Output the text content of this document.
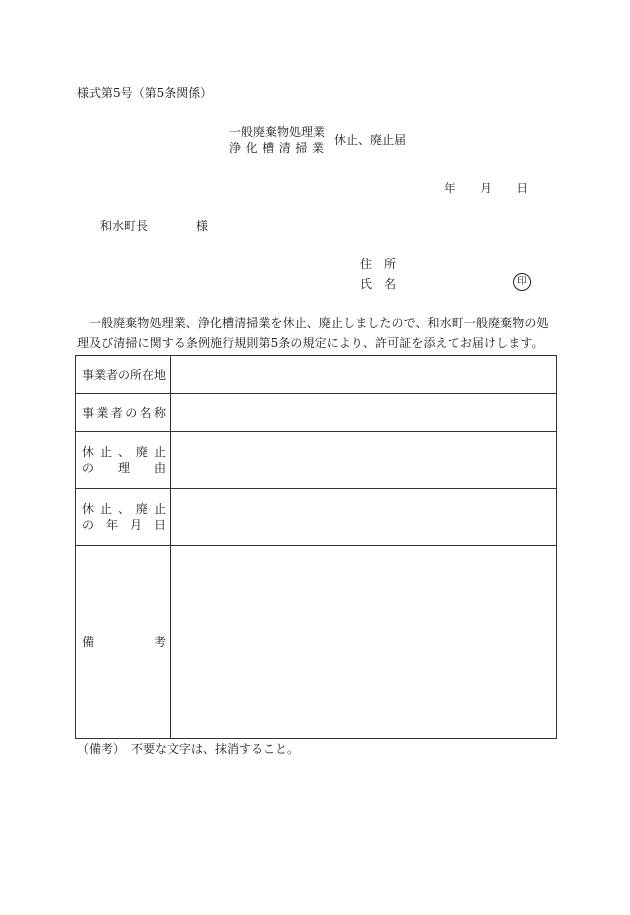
様式第5号（第5条関係）
一般廃棄物処理業
浄化槽清掃業
休止、廃止届
年 月 日
和水町長	様
住所
氏名	印
一般廃棄物処理業、浄化槽清掃業を休止、廃止しましたので、和水町一般廃棄物の処理及び清掃に関する条例施行規則第5条の規定により、許可証を添えてお届けします。
事業者の所在地	

事業者の名称	

休止、廃止
の理由	

休止、廃止
の年月日	

備考	

（備考）　不要な文字は、抹消すること。
